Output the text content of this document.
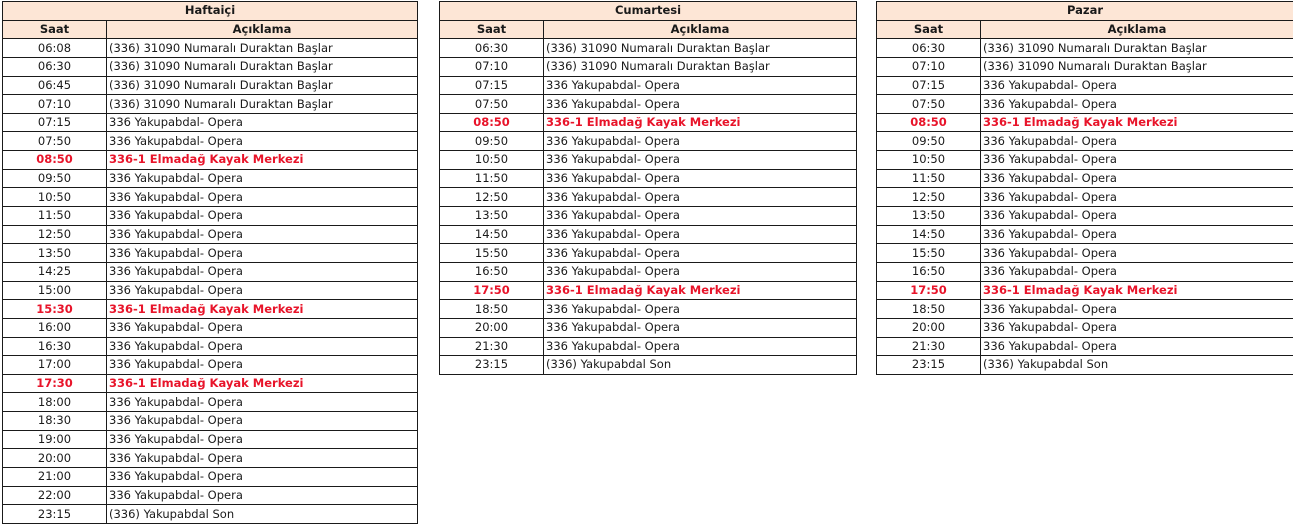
Haftaiçi	
Saat	Açıklama
06:08	(336) 31090 Numaralı Duraktan Başlar
06:30	(336) 31090 Numaralı Duraktan Başlar
06:45	(336) 31090 Numaralı Duraktan Başlar
07:10	(336) 31090 Numaralı Duraktan Başlar
07:15	336 Yakupabdal- Opera
07:50	336 Yakupabdal- Opera
08:50	336-1 Elmadağ Kayak Merkezi
09:50	336 Yakupabdal- Opera
10:50	336 Yakupabdal- Opera
11:50	336 Yakupabdal- Opera
12:50	336 Yakupabdal- Opera
13:50	336 Yakupabdal- Opera
14:25	336 Yakupabdal- Opera
15:00	336 Yakupabdal- Opera
15:30	336-1 Elmadağ Kayak Merkezi
16:00	336 Yakupabdal- Opera
16:30	336 Yakupabdal- Opera
17:00	336 Yakupabdal- Opera
17:30	336-1 Elmadağ Kayak Merkezi
18:00	336 Yakupabdal- Opera
18:30	336 Yakupabdal- Opera
19:00	336 Yakupabdal- Opera
20:00	336 Yakupabdal- Opera
21:00	336 Yakupabdal- Opera
22:00	336 Yakupabdal- Opera
23:15	(336) Yakupabdal Son
Cumartesi	
Saat	Açıklama
06:30	(336) 31090 Numaralı Duraktan Başlar
07:10	(336) 31090 Numaralı Duraktan Başlar
07:15	336 Yakupabdal- Opera
07:50	336 Yakupabdal- Opera
08:50	336-1 Elmadağ Kayak Merkezi
09:50	336 Yakupabdal- Opera
10:50	336 Yakupabdal- Opera
11:50	336 Yakupabdal- Opera
12:50	336 Yakupabdal- Opera
13:50	336 Yakupabdal- Opera
14:50	336 Yakupabdal- Opera
15:50	336 Yakupabdal- Opera
16:50	336 Yakupabdal- Opera
17:50	336-1 Elmadağ Kayak Merkezi
18:50	336 Yakupabdal- Opera
20:00	336 Yakupabdal- Opera
21:30	336 Yakupabdal- Opera
23:15	(336) Yakupabdal Son
Pazar	
Saat	Açıklama
06:30	(336) 31090 Numaralı Duraktan Başlar
07:10	(336) 31090 Numaralı Duraktan Başlar
07:15	336 Yakupabdal- Opera
07:50	336 Yakupabdal- Opera
08:50	336-1 Elmadağ Kayak Merkezi
09:50	336 Yakupabdal- Opera
10:50	336 Yakupabdal- Opera
11:50	336 Yakupabdal- Opera
12:50	336 Yakupabdal- Opera
13:50	336 Yakupabdal- Opera
14:50	336 Yakupabdal- Opera
15:50	336 Yakupabdal- Opera
16:50	336 Yakupabdal- Opera
17:50	336-1 Elmadağ Kayak Merkezi
18:50	336 Yakupabdal- Opera
20:00	336 Yakupabdal- Opera
21:30	336 Yakupabdal- Opera
23:15	(336) Yakupabdal Son
